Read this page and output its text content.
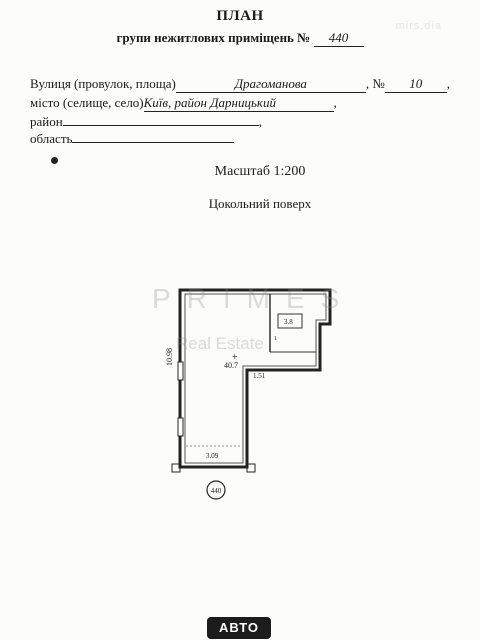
ПЛАН
групи нежитлових приміщень № 440
mirs.dia
Вулиця (провулок, площа)	Драгоманова	, № 10 ,
місто (селище, село)Київ, район Дарницький	,
район	,
область
Масштаб 1:200
Цокольний поверх
10.98	40.7
+
1.51
1
3.8
3.09
440
PRIMES
Real Estate
АВТО
